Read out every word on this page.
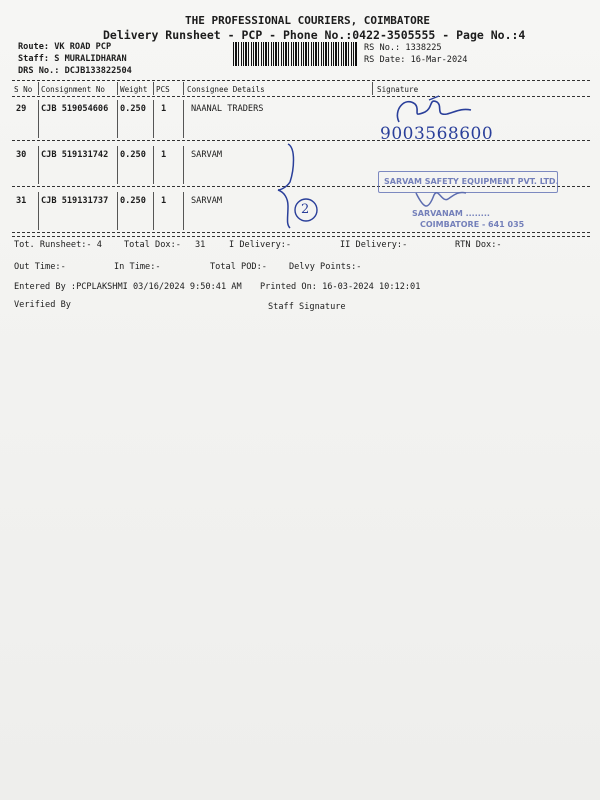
THE PROFESSIONAL COURIERS, COIMBATORE
Delivery Runsheet - PCP - Phone No.:0422-3505555 - Page No.:4
Route: VK ROAD PCP
Staff: S MURALIDHARAN
DRS No.: DCJB133822504
RS No.: 1338225
RS Date: 16-Mar-2024
S No Consignment No Weight PCS Consignee Details	Signature
29 CJB 519054606 0.250 1	NAANAL TRADERS
30 CJB 519131742 0.250 1	SARVAM
31 CJB 519131737 0.250 1	SARVAM
9003568600
2
SARVAM SAFETY EQUIPMENT PVT. LTD.
SARVANAM ........
COIMBATORE - 641 035
Tot. Runsheet:- 4	Total Dox:- 31	I Delivery:-	II Delivery:-	RTN Dox:-
Out Time:-	In Time:-	Total POD:-	Delvy Points:-
Entered By :PCPLAKSHMI 03/16/2024 9:50:41 AM Printed On: 16-03-2024 10:12:01
Verified By	Staff Signature
